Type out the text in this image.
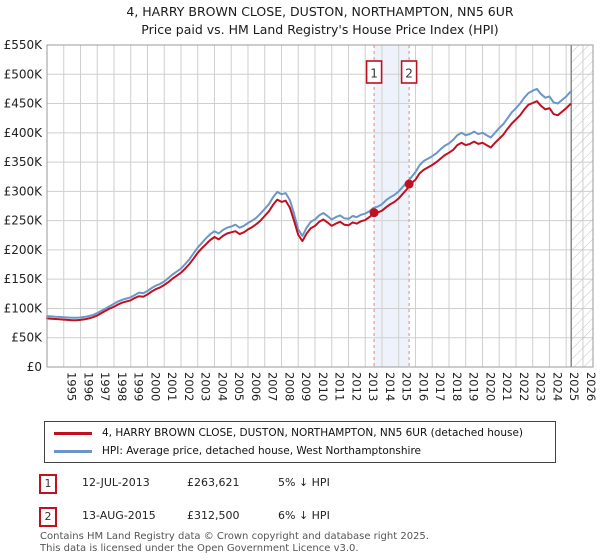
4, HARRY BROWN CLOSE, DUSTON, NORTHAMPTON, NN5 6UR
Price paid vs. HM Land Registry's House Price Index (HPI)
1 2
£0
£50K
£100K
£150K
£200K
£250K
£300K
£350K
£400K
£450K
£500K
£550K
1995 1996 1997 1998 1999 2000 2001 2002 2003 2004 2005 2006 2007 2008 2009 2010 2011 2012 2013 2014 2015 2016 2017 2018 2019 2020 2021 2022 2023 2024 2025 2026
4, HARRY BROWN CLOSE, DUSTON, NORTHAMPTON, NN5 6UR (detached house)
HPI: Average price, detached house, West Northamptonshire
1	12-JUL-2013	£263,621	5% ↓ HPI
2	13-AUG-2015	£312,500	6% ↓ HPI
Contains HM Land Registry data © Crown copyright and database right 2025.
This data is licensed under the Open Government Licence v3.0.
